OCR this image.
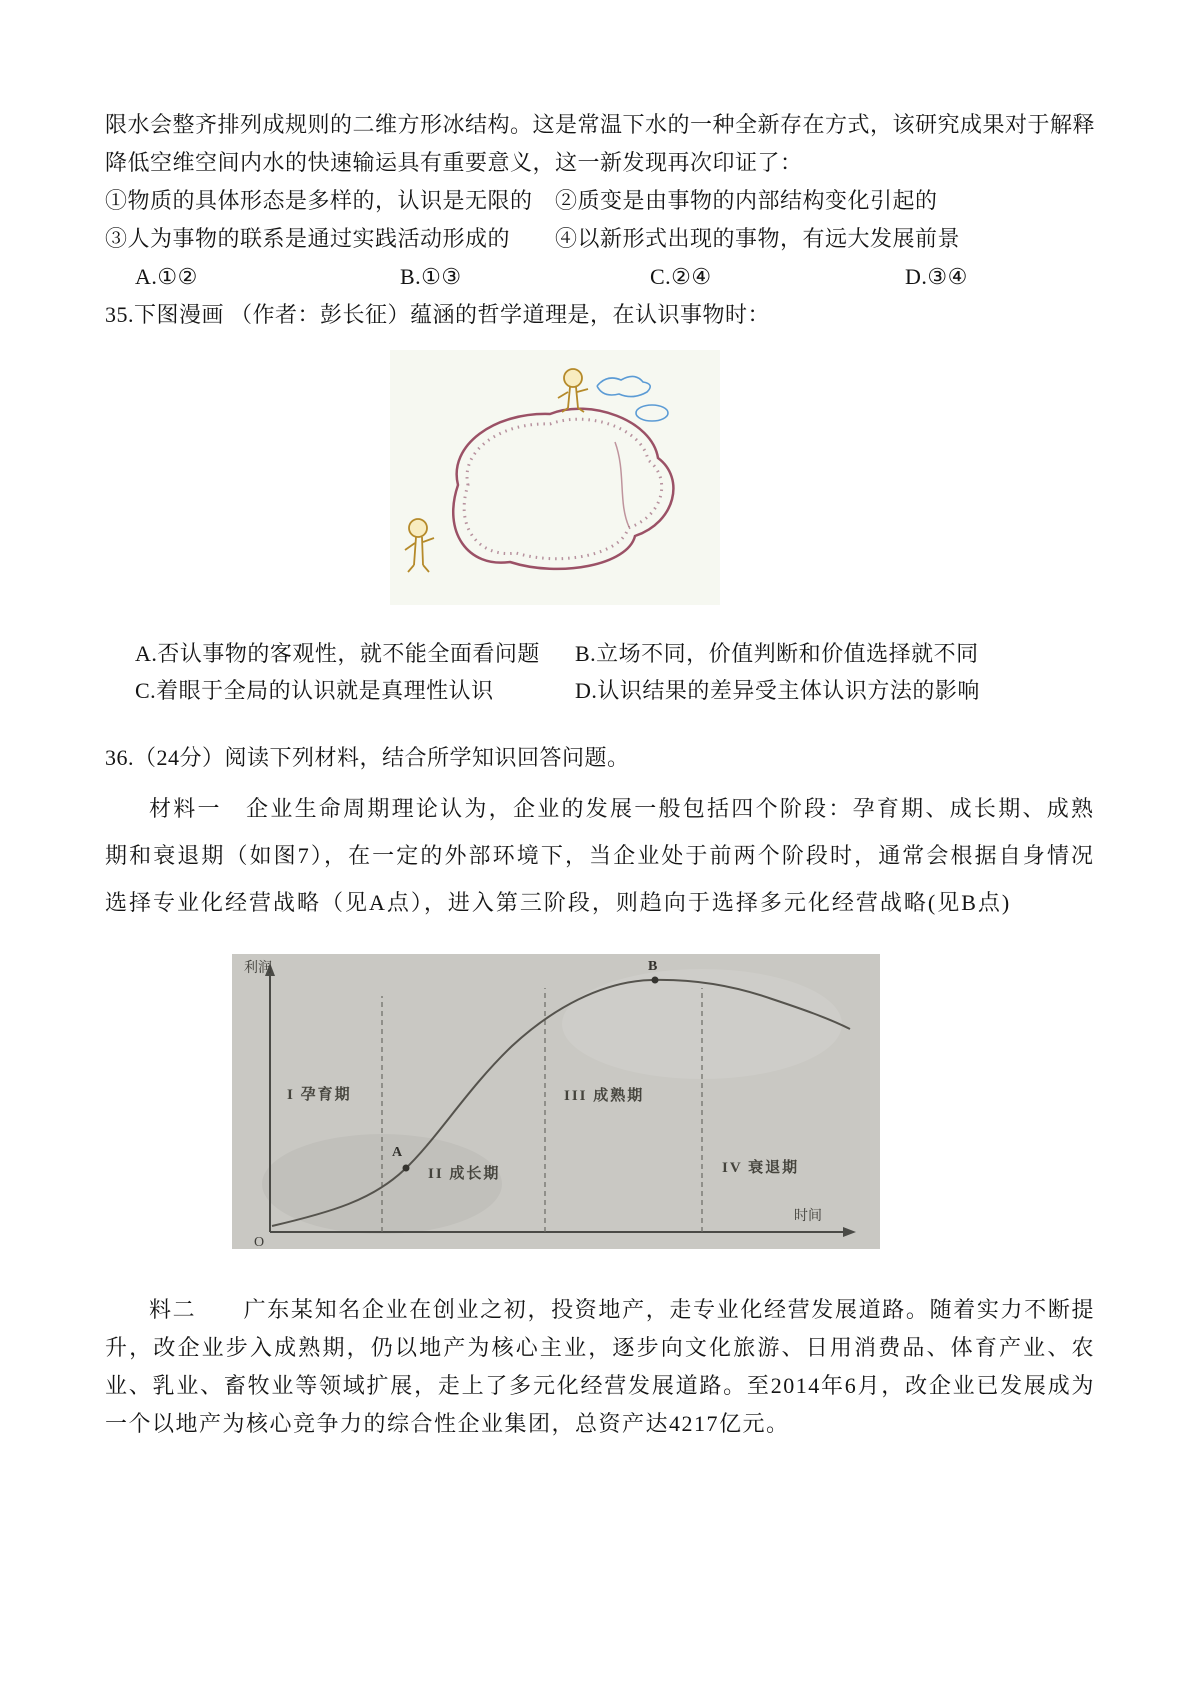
限水会整齐排列成规则的二维方形冰结构。这是常温下水的一种全新存在方式，该研究成果对于解释降低空维空间内水的快速输运具有重要意义，这一新发现再次印证了：

①物质的具体形态是多样的，认识是无限的　②质变是由事物的内部结构变化引起的

③人为事物的联系是通过实践活动形成的　　④以新形式出现的事物，有远大发展前景

A.①②	B.①③	C.②④	D.③④

35.下图漫画 （作者：彭长征）蕴涵的哲学道理是，在认识事物时：

A.否认事物的客观性，就不能全面看问题	B.立场不同，价值判断和价值选择就不同
C.着眼于全局的认识就是真理性认识	D.认识结果的差异受主体认识方法的影响

36.（24分）阅读下列材料，结合所学知识回答问题。

材料一　企业生命周期理论认为，企业的发展一般包括四个阶段：孕育期、成长期、成熟期和衰退期（如图7），在一定的外部环境下，当企业处于前两个阶段时，通常会根据自身情况选择专业化经营战略（见A点），进入第三阶段，则趋向于选择多元化经营战略(见B点)

利润
时间
O
A
B
I 孕育期
II 成长期
III 成熟期
IV 衰退期

料二　　广东某知名企业在创业之初，投资地产，走专业化经营发展道路。随着实力不断提升，改企业步入成熟期，仍以地产为核心主业，逐步向文化旅游、日用消费品、体育产业、农业、乳业、畜牧业等领域扩展，走上了多元化经营发展道路。至2014年6月，改企业已发展成为一个以地产为核心竞争力的综合性企业集团，总资产达4217亿元。
